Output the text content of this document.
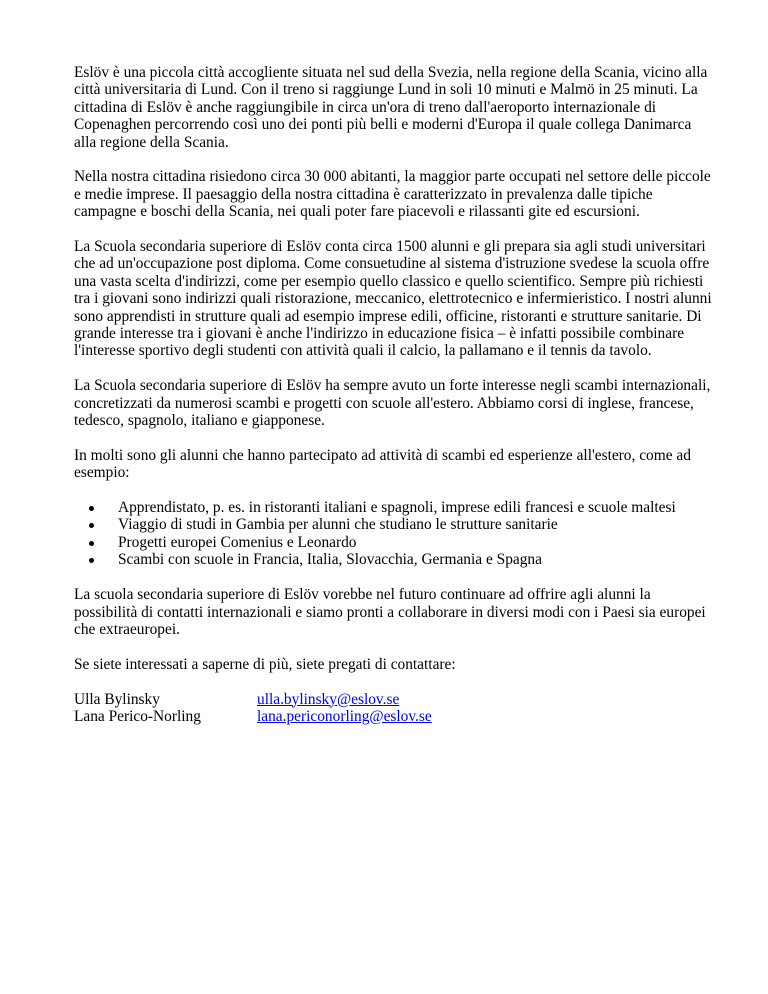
Eslöv è una piccola città accogliente situata nel sud della Svezia, nella regione della Scania, vicino alla città universitaria di Lund. Con il treno si raggiunge Lund in soli 10 minuti e Malmö in 25 minuti. La cittadina di Eslöv è anche raggiungibile in circa un'ora di treno dall'aeroporto internazionale di Copenaghen percorrendo così uno dei ponti più belli e moderni d'Europa il quale collega Danimarca alla regione della Scania.

Nella nostra cittadina risiedono circa 30 000 abitanti, la maggior parte occupati nel settore delle piccole e medie imprese. Il paesaggio della nostra cittadina è caratterizzato in prevalenza dalle tipiche campagne e boschi della Scania, nei quali poter fare piacevoli e rilassanti gite ed escursioni.

La Scuola secondaria superiore di Eslöv conta circa 1500 alunni e gli prepara sia agli studi universitari che ad un'occupazione post diploma. Come consuetudine al sistema d'istruzione svedese la scuola offre una vasta scelta d'indirizzi, come per esempio quello classico e quello scientifico. Sempre più richiesti tra i giovani sono indirizzi quali ristorazione, meccanico, elettrotecnico e infermieristico. I nostri alunni sono apprendisti in strutture quali ad esempio imprese edili, officine, ristoranti e strutture sanitarie. Di grande interesse tra i giovani è anche l'indirizzo in educazione fisica – è infatti possibile combinare l'interesse sportivo degli studenti con attività quali il calcio, la pallamano e il tennis da tavolo.

La Scuola secondaria superiore di Eslöv ha sempre avuto un forte interesse negli scambi internazionali, concretizzati da numerosi scambi e progetti con scuole all'estero. Abbiamo corsi di inglese, francese, tedesco, spagnolo, italiano e giapponese.

In molti sono gli alunni che hanno partecipato ad attività di scambi ed esperienze all'estero, come ad esempio:

Apprendistato, p. es. in ristoranti italiani e spagnoli, imprese edili francesi e scuole maltesi
Viaggio di studi in Gambia per alunni che studiano le strutture sanitarie
Progetti europei Comenius e Leonardo
Scambi con scuole in Francia, Italia, Slovacchia, Germania e Spagna

La scuola secondaria superiore di Eslöv vorebbe nel futuro continuare ad offrire agli alunni la possibilità di contatti internazionali e siamo pronti a collaborare in diversi modi con i Paesi sia europei che extraeuropei.

Se siete interessati a saperne di più, siete pregati di contattare:

Ulla Bylinsky	ulla.bylinsky@eslov.se
Lana Perico-Norling	lana.periconorling@eslov.se
